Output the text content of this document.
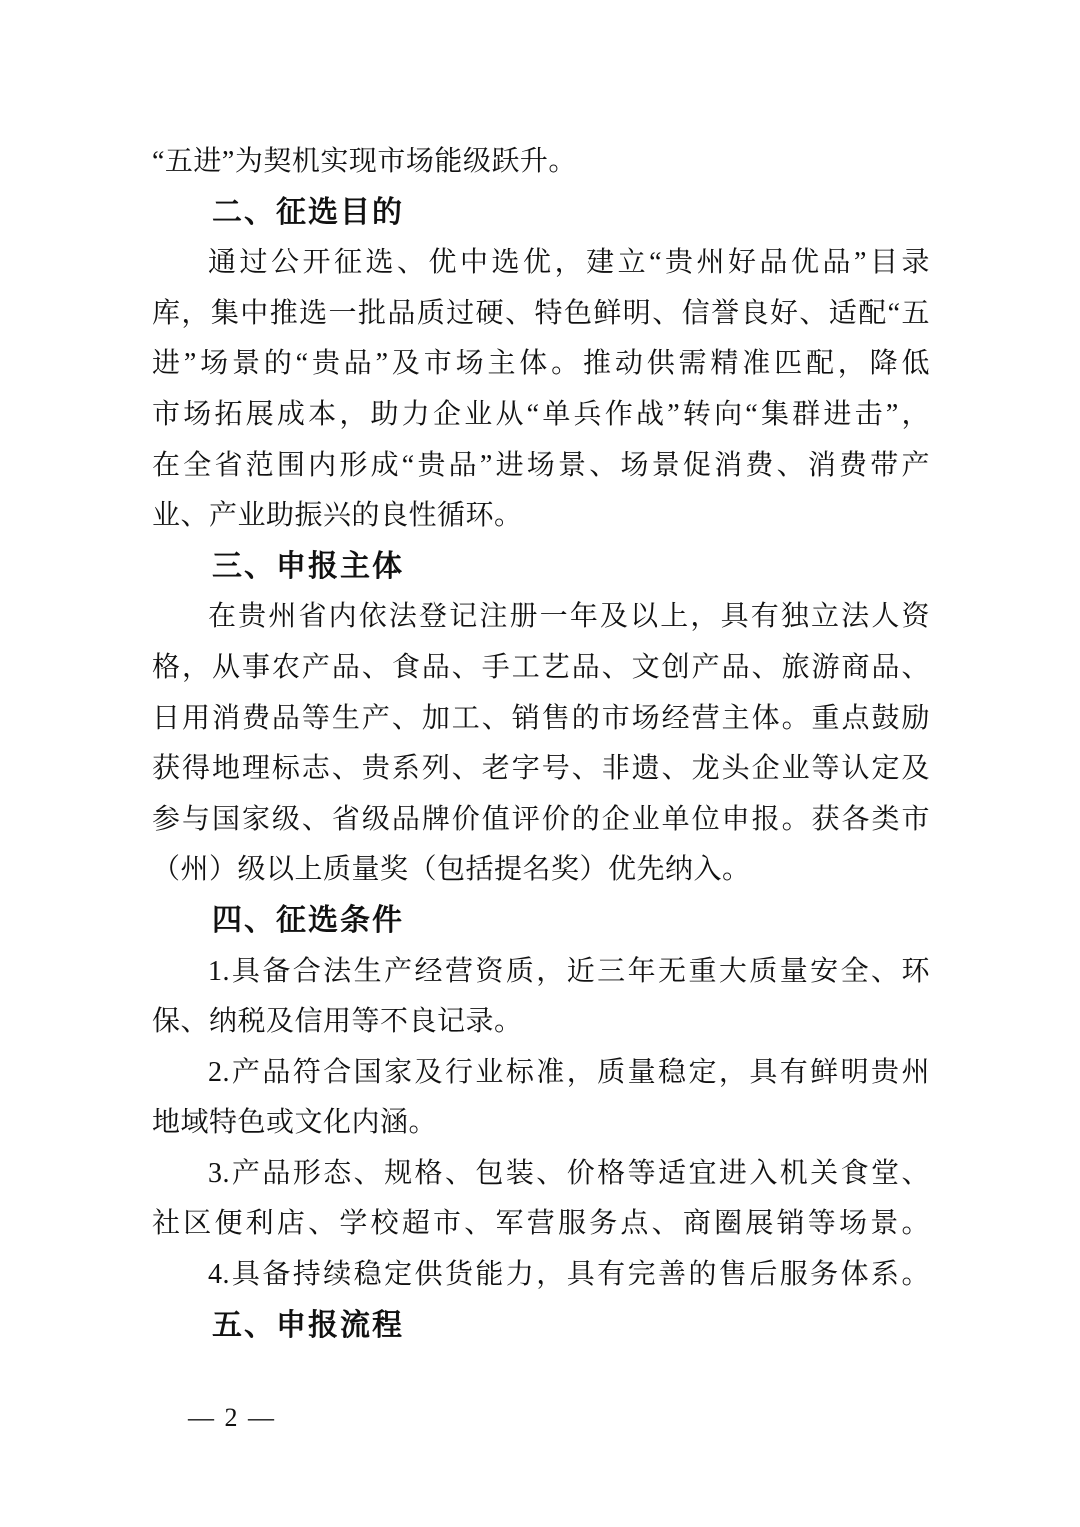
“五进”为契机实现市场能级跃升。
二、征选目的
通过公开征选、优中选优，建立“贵州好品优品”目录
库，集中推选一批品质过硬、特色鲜明、信誉良好、适配“五
进”场景的“贵品”及市场主体。推动供需精准匹配，降低
市场拓展成本，助力企业从“单兵作战”转向“集群进击”，
在全省范围内形成“贵品”进场景、场景促消费、消费带产
业、产业助振兴的良性循环。
三、申报主体
在贵州省内依法登记注册一年及以上，具有独立法人资
格，从事农产品、食品、手工艺品、文创产品、旅游商品、
日用消费品等生产、加工、销售的市场经营主体。重点鼓励
获得地理标志、贵系列、老字号、非遗、龙头企业等认定及
参与国家级、省级品牌价值评价的企业单位申报。获各类市
（州）级以上质量奖（包括提名奖）优先纳入。
四、征选条件
1.具备合法生产经营资质，近三年无重大质量安全、环
保、纳税及信用等不良记录。
2.产品符合国家及行业标准，质量稳定，具有鲜明贵州
地域特色或文化内涵。
3.产品形态、规格、包装、价格等适宜进入机关食堂、
社区便利店、学校超市、军营服务点、商圈展销等场景。
4.具备持续稳定供货能力，具有完善的售后服务体系。
五、申报流程
— 2 —
